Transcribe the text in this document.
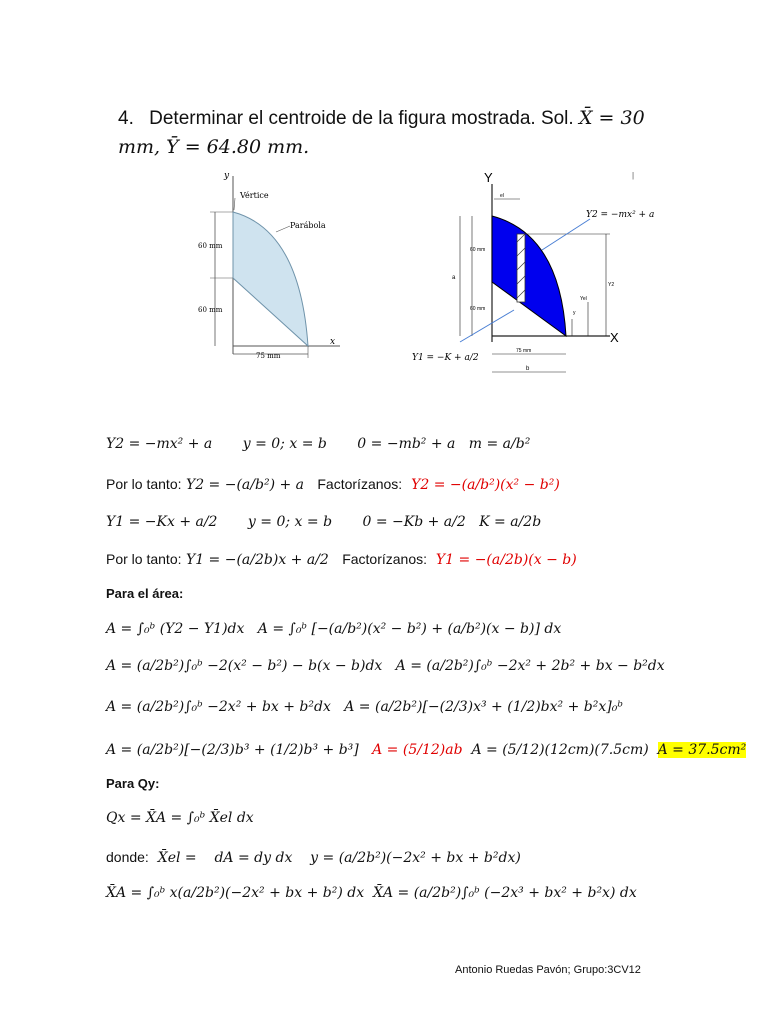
4. Determinar el centroide de la figura mostrada. Sol. X̄ = 30 mm, Ȳ = 64.80 mm.
y
x
Vértice
Parábola
60 mm
60 mm
75 mm
Y
X
Y2 = −mx² + a
Y1 = −K + a/2
60 mm
60 mm
75 mm
a
b
el
Y2
Yel
y
|
Y2 = −mx² + a y = 0; x = b 0 = −mb² + a m = a/b²
Por lo tanto: Y2 = −(a/b²) + a Factorízanos: Y2 = −(a/b²)(x² − b²)
Y1 = −Kx + a/2 y = 0; x = b 0 = −Kb + a/2 K = a/2b
Por lo tanto: Y1 = −(a/2b)x + a/2 Factorízanos: Y1 = −(a/2b)(x − b)
Para el área:
A = ∫₀ᵇ (Y2 − Y1)dx A = ∫₀ᵇ [−(a/b²)(x² − b²) + (a/b²)(x − b)] dx
A = (a/2b²)∫₀ᵇ −2(x² − b²) − b(x − b)dx A = (a/2b²)∫₀ᵇ −2x² + 2b² + bx − b²dx
A = (a/2b²)∫₀ᵇ −2x² + bx + b²dx A = (a/2b²)[−(2/3)x³ + (1/2)bx² + b²x]₀ᵇ
A = (a/2b²)[−(2/3)b³ + (1/2)b³ + b³] A = (5/12)ab A = (5/12)(12cm)(7.5cm) A = 37.5cm²
Para Qy:
Qx = X̄A = ∫₀ᵇ X̄el dx
donde: X̄el = dA = dy dx y = (a/2b²)(−2x² + bx + b²dx)
X̄A = ∫₀ᵇ x(a/2b²)(−2x² + bx + b²) dx X̄A = (a/2b²)∫₀ᵇ (−2x³ + bx² + b²x) dx
Antonio Ruedas Pavón; Grupo:3CV12
